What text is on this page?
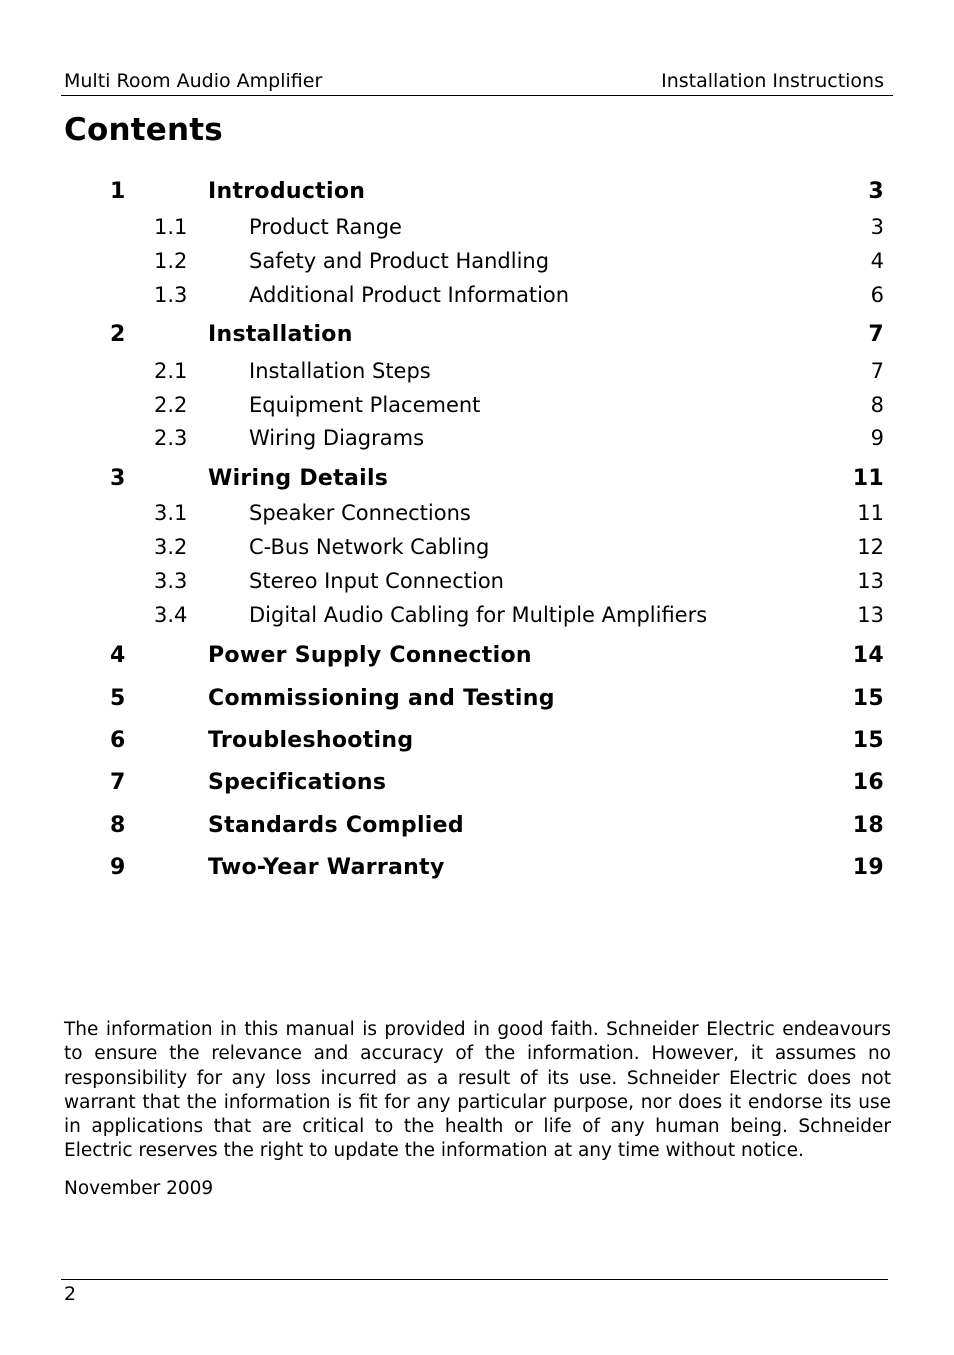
Multi Room Audio Amplifier	Installation Instructions
Contents
1	Introduction	3
1.1	Product Range	3
1.2	Safety and Product Handling	4
1.3	Additional Product Information	6
2	Installation	7
2.1	Installation Steps	7
2.2	Equipment Placement	8
2.3	Wiring Diagrams	9
3	Wiring Details	11
3.1	Speaker Connections	11
3.2	C-Bus Network Cabling	12
3.3	Stereo Input Connection	13
3.4	Digital Audio Cabling for Multiple Amplifiers	13
4	Power Supply Connection	14
5	Commissioning and Testing	15
6	Troubleshooting	15
7	Specifications	16
8	Standards Complied	18
9	Two-Year Warranty	19

The information in this manual is provided in good faith. Schneider Electric endeavours to ensure the relevance and accuracy of the information. However, it assumes no responsibility for any loss incurred as a result of its use. Schneider Electric does not warrant that the information is fit for any particular purpose, nor does it endorse its use in applications that are critical to the health or life of any human being. Schneider Electric reserves the right to update the information at any time without notice.

November 2009
2
